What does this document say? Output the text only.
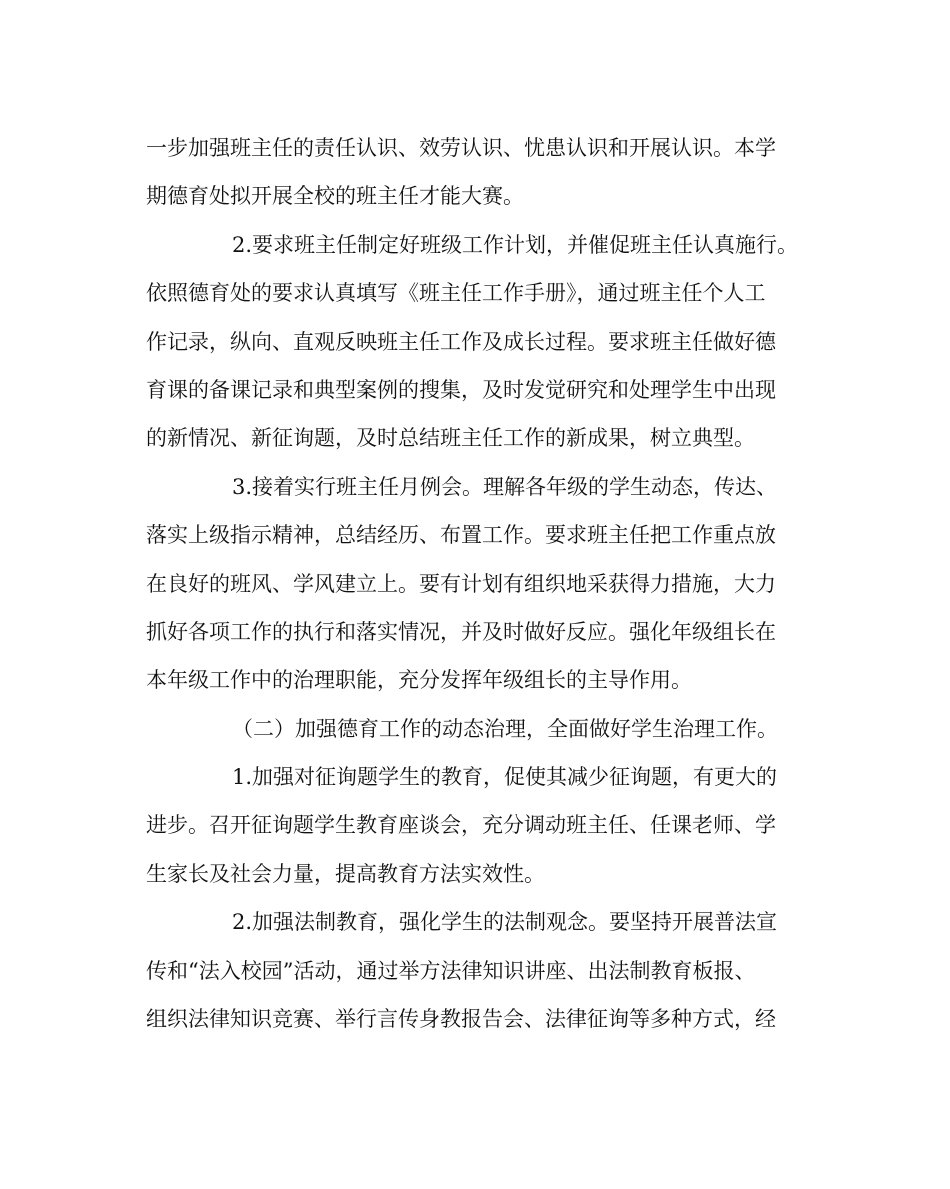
一步加强班主任的责任认识、效劳认识、忧患认识和开展认识。本学
期德育处拟开展全校的班主任才能大赛。
2.要求班主任制定好班级工作计划，并催促班主任认真施行。
依照德育处的要求认真填写《班主任工作手册》，通过班主任个人工
作记录，纵向、直观反映班主任工作及成长过程。要求班主任做好德
育课的备课记录和典型案例的搜集，及时发觉研究和处理学生中出现
的新情况、新征询题，及时总结班主任工作的新成果，树立典型。
3.接着实行班主任月例会。理解各年级的学生动态，传达、
落实上级指示精神，总结经历、布置工作。要求班主任把工作重点放
在良好的班风、学风建立上。要有计划有组织地采获得力措施，大力
抓好各项工作的执行和落实情况，并及时做好反应。强化年级组长在
本年级工作中的治理职能，充分发挥年级组长的主导作用。
（二）加强德育工作的动态治理，全面做好学生治理工作。
1.加强对征询题学生的教育，促使其减少征询题，有更大的
进步。召开征询题学生教育座谈会，充分调动班主任、任课老师、学
生家长及社会力量，提高教育方法实效性。
2.加强法制教育，强化学生的法制观念。要坚持开展普法宣
传和“法入校园”活动，通过举方法律知识讲座、出法制教育板报、
组织法律知识竞赛、举行言传身教报告会、法律征询等多种方式，经
